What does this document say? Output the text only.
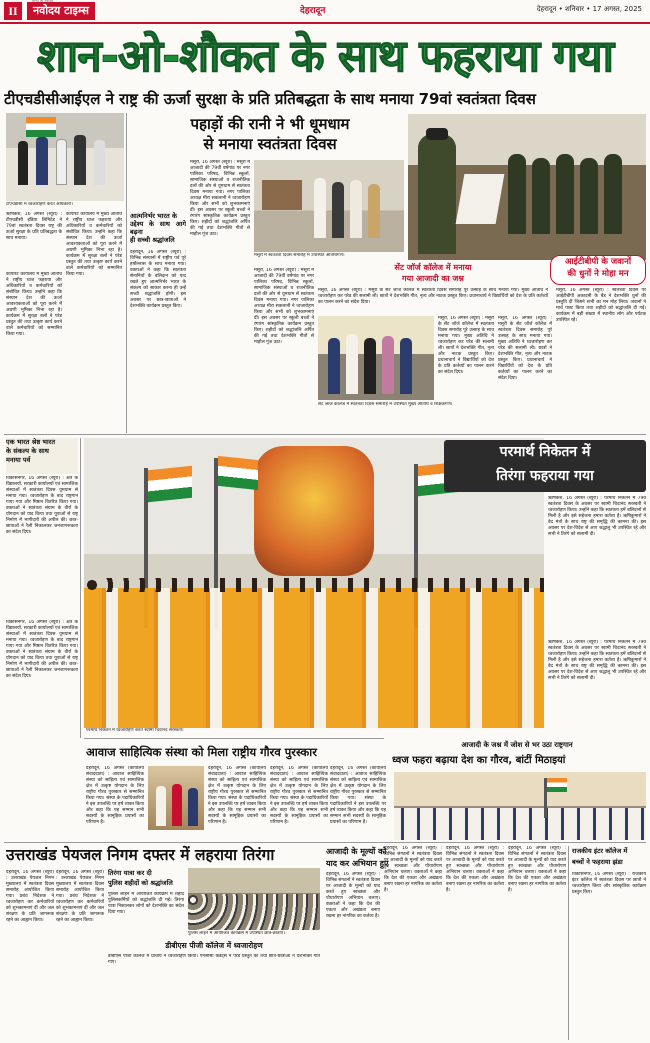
II	नवोदय टाइम्स
हिन्दी का नवोदय
देहरादून	देहरादून • शनिवार • 17 अगस्त, 2025
शान-ओ-शौकत के साथ फहराया गया
टीएचडीसीआईएल ने राष्ट्र की ऊर्जा सुरक्षा के प्रति प्रतिबद्धता के साथ मनाया 79वां स्वतंत्रता दिवस
टीएचडीसी में ध्वजारोहण करते अधिकारी।
ऋषिकेश, 16 अगस्त (ब्यूरो) : टीएचडीसी इंडिया लिमिटेड ने 79वां स्वतंत्रता दिवस राष्ट्र की ऊर्जा सुरक्षा के प्रति प्रतिबद्धता के साथ मनाया।
कॉर्पोरेट कार्यालय में मुख्य अतिथि ने राष्ट्रीय ध्वज फहराया और अधिकारियों व कर्मचारियों को संबोधित किया। उन्होंने कहा कि संस्थान देश की ऊर्जा आवश्यकताओं को पूरा करने में अग्रणी भूमिका निभा रहा है। कार्यक्रम में सुरक्षा बलों ने परेड प्रस्तुत की तथा उत्कृष्ट कार्य करने वाले कर्मचारियों को सम्मानित किया गया।
कॉर्पोरेट कार्यालय में मुख्य अतिथि ने राष्ट्रीय ध्वज फहराया और अधिकारियों व कर्मचारियों को संबोधित किया। उन्होंने कहा कि संस्थान देश की ऊर्जा आवश्यकताओं को पूरा करने में अग्रणी भूमिका निभा रहा है। कार्यक्रम में सुरक्षा बलों ने परेड प्रस्तुत की तथा उत्कृष्ट कार्य करने वाले कर्मचारियों को सम्मानित किया गया।
पहाड़ों की रानी ने भी धूमधाम
से मनाया स्वतंत्रता दिवस
आत्मनिर्भर भारत के
उद्देश्य के साथ आगे बढ़ना
ही सच्ची श्रद्धांजलि
देहरादून, 16 अगस्त (ब्यूरो) : विभिन्न संस्थानों में राष्ट्रीय पर्व पूरे हर्षोल्लास के साथ मनाया गया। वक्ताओं ने कहा कि स्वतंत्रता सेनानियों के बलिदान को याद रखते हुए आत्मनिर्भर भारत के संकल्प को साकार करना ही उन्हें सच्ची श्रद्धांजलि होगी। इस अवसर पर छात्र-छात्राओं ने देशभक्ति कार्यक्रम प्रस्तुत किए।
मसूरी, 16 अगस्त (ब्यूरो) : मसूरी में आजादी की 79वीं वर्षगांठ पर नगर पालिका परिषद, विभिन्न स्कूलों, सामाजिक संस्थाओं व राजनीतिक दलों की ओर से धूमधाम से स्वतंत्रता दिवस मनाया गया। नगर पालिका अध्यक्ष मीरा सकलानी ने ध्वजारोहण किया और सभी को शुभकामनाएं दीं। इस अवसर पर स्कूली बच्चों ने रंगारंग सांस्कृतिक कार्यक्रम प्रस्तुत किए। शहीदों को श्रद्धांजलि अर्पित की गई तथा देशभक्ति गीतों से माहौल गूंज उठा।
मसूरी, 16 अगस्त (ब्यूरो) : मसूरी में आजादी की 79वीं वर्षगांठ पर नगर पालिका परिषद, विभिन्न स्कूलों, सामाजिक संस्थाओं व राजनीतिक दलों की ओर से धूमधाम से स्वतंत्रता दिवस मनाया गया। नगर पालिका अध्यक्ष मीरा सकलानी ने ध्वजारोहण किया और सभी को शुभकामनाएं दीं। इस अवसर पर स्कूली बच्चों ने रंगारंग सांस्कृतिक कार्यक्रम प्रस्तुत किए। शहीदों को श्रद्धांजलि अर्पित की गई तथा देशभक्ति गीतों से माहौल गूंज उठा।
मसूरी में स्वतंत्रता दिवस समारोह में उपस्थित अतिथिगण।
आईटीबीपी के जवानों
की धुनों ने मोहा मन
मसूरी, 16 अगस्त (ब्यूरो) : स्वतंत्रता दिवस पर आईटीबीपी अकादमी के बैंड ने देशभक्ति धुनों की प्रस्तुति दी जिसने सभी का मन मोह लिया। जवानों ने मार्च पास्ट किया तथा शहीदों को श्रद्धांजलि दी गई। कार्यक्रम में बड़ी संख्या में स्थानीय लोग और पर्यटक उपस्थित रहे।
सेंट जॉर्ज कॉलेज में मनाया
गया आजादी का जश्न
मसूरी, 16 अगस्त (ब्यूरो) : मसूरी के सेंट जॉर्ज कॉलेज में स्वतंत्रता दिवस समारोह पूरे उत्साह के साथ मनाया गया। मुख्य अतिथि ने ध्वजारोहण कर परेड की सलामी ली। छात्रों ने देशभक्ति गीत, नृत्य और नाटक प्रस्तुत किए। प्रधानाचार्य ने विद्यार्थियों को देश के प्रति कर्तव्यों का पालन करने का संदेश दिया।
मसूरी, 16 अगस्त (ब्यूरो) : मसूरी के सेंट जॉर्ज कॉलेज में स्वतंत्रता दिवस समारोह पूरे उत्साह के साथ मनाया गया। मुख्य अतिथि ने ध्वजारोहण कर परेड की सलामी ली। छात्रों ने देशभक्ति गीत, नृत्य और नाटक प्रस्तुत किए। प्रधानाचार्य ने विद्यार्थियों को देश के प्रति कर्तव्यों का पालन करने का संदेश दिया।
मसूरी, 16 अगस्त (ब्यूरो) : मसूरी के सेंट जॉर्ज कॉलेज में स्वतंत्रता दिवस समारोह पूरे उत्साह के साथ मनाया गया। मुख्य अतिथि ने ध्वजारोहण कर परेड की सलामी ली। छात्रों ने देशभक्ति गीत, नृत्य और नाटक प्रस्तुत किए। प्रधानाचार्य ने विद्यार्थियों को देश के प्रति कर्तव्यों का पालन करने का संदेश दिया।
सेंट जॉर्ज कॉलेज में स्वतंत्रता दिवस समारोह में उपस्थित मुख्य अतिथि व शिक्षकगण।
एक भारत श्रेष्ठ भारत
के संकल्प के साथ
मनाया पर्व
विकासनगर, 16 अगस्त (ब्यूरो) : क्षेत्र के विद्यालयों, सरकारी कार्यालयों एवं सामाजिक संस्थाओं में स्वतंत्रता दिवस धूमधाम से मनाया गया। ध्वजारोहण के बाद राष्ट्रगान गाया गया और मिष्ठान वितरित किया गया। वक्ताओं ने स्वतंत्रता संग्राम के वीरों के योगदान को याद किया तथा युवाओं से राष्ट्र निर्माण में भागीदारी की अपील की। छात्र-छात्राओं ने रैली निकालकर जनजागरूकता का संदेश दिया।
विकासनगर, 16 अगस्त (ब्यूरो) : क्षेत्र के विद्यालयों, सरकारी कार्यालयों एवं सामाजिक संस्थाओं में स्वतंत्रता दिवस धूमधाम से मनाया गया। ध्वजारोहण के बाद राष्ट्रगान गाया गया और मिष्ठान वितरित किया गया। वक्ताओं ने स्वतंत्रता संग्राम के वीरों के योगदान को याद किया तथा युवाओं से राष्ट्र निर्माण में भागीदारी की अपील की। छात्र-छात्राओं ने रैली निकालकर जनजागरूकता का संदेश दिया।
परमार्थ निकेतन में ध्वजारोहण करते स्वामी चिदानंद सरस्वती।
परमार्थ निकेतन में
तिरंगा फहराया गया
ऋषिकेश, 16 अगस्त (ब्यूरो) : परमार्थ निकेतन में 79वें स्वतंत्रता दिवस के अवसर पर स्वामी चिदानंद सरस्वती ने ध्वजारोहण किया। उन्होंने कहा कि स्वतंत्रता हमें बलिदानों से मिली है और इसे सहेजना हमारा कर्तव्य है। ऋषिकुमारों ने वेद मंत्रों के साथ राष्ट्र की समृद्धि की कामना की। इस अवसर पर देश-विदेश से आए श्रद्धालु भी उपस्थित रहे और सभी ने तिरंगे को सलामी दी।
ऋषिकेश, 16 अगस्त (ब्यूरो) : परमार्थ निकेतन में 79वें स्वतंत्रता दिवस के अवसर पर स्वामी चिदानंद सरस्वती ने ध्वजारोहण किया। उन्होंने कहा कि स्वतंत्रता हमें बलिदानों से मिली है और इसे सहेजना हमारा कर्तव्य है। ऋषिकुमारों ने वेद मंत्रों के साथ राष्ट्र की समृद्धि की कामना की। इस अवसर पर देश-विदेश से आए श्रद्धालु भी उपस्थित रहे और सभी ने तिरंगे को सलामी दी।
आवाज साहित्यिक संस्था को मिला राष्ट्रीय गौरव पुरस्कार
देहरादून, 16 अगस्त (कार्यालय संवाददाता) : आवाज साहित्यिक संस्था को साहित्य एवं सामाजिक क्षेत्र में उत्कृष्ट योगदान के लिए राष्ट्रीय गौरव पुरस्कार से सम्मानित किया गया। संस्था के पदाधिकारियों ने इस उपलब्धि पर हर्ष व्यक्त किया और कहा कि यह सम्मान सभी सदस्यों के सामूहिक प्रयासों का परिणाम है।
देहरादून, 16 अगस्त (कार्यालय संवाददाता) : आवाज साहित्यिक संस्था को साहित्य एवं सामाजिक क्षेत्र में उत्कृष्ट योगदान के लिए राष्ट्रीय गौरव पुरस्कार से सम्मानित किया गया। संस्था के पदाधिकारियों ने इस उपलब्धि पर हर्ष व्यक्त किया और कहा कि यह सम्मान सभी सदस्यों के सामूहिक प्रयासों का परिणाम है।
देहरादून, 16 अगस्त (कार्यालय संवाददाता) : आवाज साहित्यिक संस्था को साहित्य एवं सामाजिक क्षेत्र में उत्कृष्ट योगदान के लिए राष्ट्रीय गौरव पुरस्कार से सम्मानित किया गया। संस्था के पदाधिकारियों ने इस उपलब्धि पर हर्ष व्यक्त किया और कहा कि यह सम्मान सभी सदस्यों के सामूहिक प्रयासों का परिणाम है।
देहरादून, 16 अगस्त (कार्यालय संवाददाता) : आवाज साहित्यिक संस्था को साहित्य एवं सामाजिक क्षेत्र में उत्कृष्ट योगदान के लिए राष्ट्रीय गौरव पुरस्कार से सम्मानित किया गया। संस्था के पदाधिकारियों ने इस उपलब्धि पर हर्ष व्यक्त किया और कहा कि यह सम्मान सभी सदस्यों के सामूहिक प्रयासों का परिणाम है।
आजादी के जश्न में जोश से भर उठा राष्ट्रगान
ध्वज फहरा बढ़ाया देश का गौरव, बांटीं मिठाइयां
उत्तराखंड पेयजल निगम दफ्तर में लहराया तिरंगा
देहरादून, 16 अगस्त (ब्यूरो) : उत्तराखंड पेयजल निगम मुख्यालय में स्वतंत्रता दिवस समारोह आयोजित किया गया। प्रबंध निदेशक ने ध्वजारोहण कर कर्मचारियों को शुभकामनाएं दीं और जल संरक्षण के प्रति जागरूक रहने का आह्वान किया।
देहरादून, 16 अगस्त (ब्यूरो) : उत्तराखंड पेयजल निगम मुख्यालय में स्वतंत्रता दिवस समारोह आयोजित किया गया। प्रबंध निदेशक ने ध्वजारोहण कर कर्मचारियों को शुभकामनाएं दीं और जल संरक्षण के प्रति जागरूक रहने का आह्वान किया।
तिरंगा यात्रा कर दी
पुलिस शहीदों को श्रद्धांजलि
पुलिस लाइन में आयोजित कार्यक्रम में शहीद पुलिसकर्मियों को श्रद्धांजलि दी गई। तिरंगा यात्रा निकालकर लोगों को देशभक्ति का संदेश दिया गया।
पुलिस लाइन में आयोजित कार्यक्रम में उपस्थित छात्र-छात्राएं।
डीबीएस पीजी कॉलेज में ध्वजारोहण
डीबीएस पीजी कॉलेज में प्राचार्य ने ध्वजारोहण किया। एनसीसी कैडेट्स ने परेड प्रस्तुत की तथा छात्र-छात्राओं ने देशभक्ति गीत गाए।
आजादी के मूल्यों को
याद कर अभियान हुए
देहरादून, 16 अगस्त (ब्यूरो) : विभिन्न संगठनों ने स्वतंत्रता दिवस पर आजादी के मूल्यों को याद करते हुए स्वच्छता और पौधारोपण अभियान चलाए। वक्ताओं ने कहा कि देश की एकता और अखंडता बनाए रखना हर नागरिक का कर्तव्य है।
देहरादून, 16 अगस्त (ब्यूरो) : विभिन्न संगठनों ने स्वतंत्रता दिवस पर आजादी के मूल्यों को याद करते हुए स्वच्छता और पौधारोपण अभियान चलाए। वक्ताओं ने कहा कि देश की एकता और अखंडता बनाए रखना हर नागरिक का कर्तव्य है।
देहरादून, 16 अगस्त (ब्यूरो) : विभिन्न संगठनों ने स्वतंत्रता दिवस पर आजादी के मूल्यों को याद करते हुए स्वच्छता और पौधारोपण अभियान चलाए। वक्ताओं ने कहा कि देश की एकता और अखंडता बनाए रखना हर नागरिक का कर्तव्य है।
देहरादून, 16 अगस्त (ब्यूरो) : विभिन्न संगठनों ने स्वतंत्रता दिवस पर आजादी के मूल्यों को याद करते हुए स्वच्छता और पौधारोपण अभियान चलाए। वक्ताओं ने कहा कि देश की एकता और अखंडता बनाए रखना हर नागरिक का कर्तव्य है।
राजकीय इंटर कॉलेज में
बच्चों ने फहराया झंडा
विकासनगर, 16 अगस्त (ब्यूरो) : राजकीय इंटर कॉलेज में स्वतंत्रता दिवस पर छात्रों ने ध्वजारोहण किया और सांस्कृतिक कार्यक्रम प्रस्तुत किए।
